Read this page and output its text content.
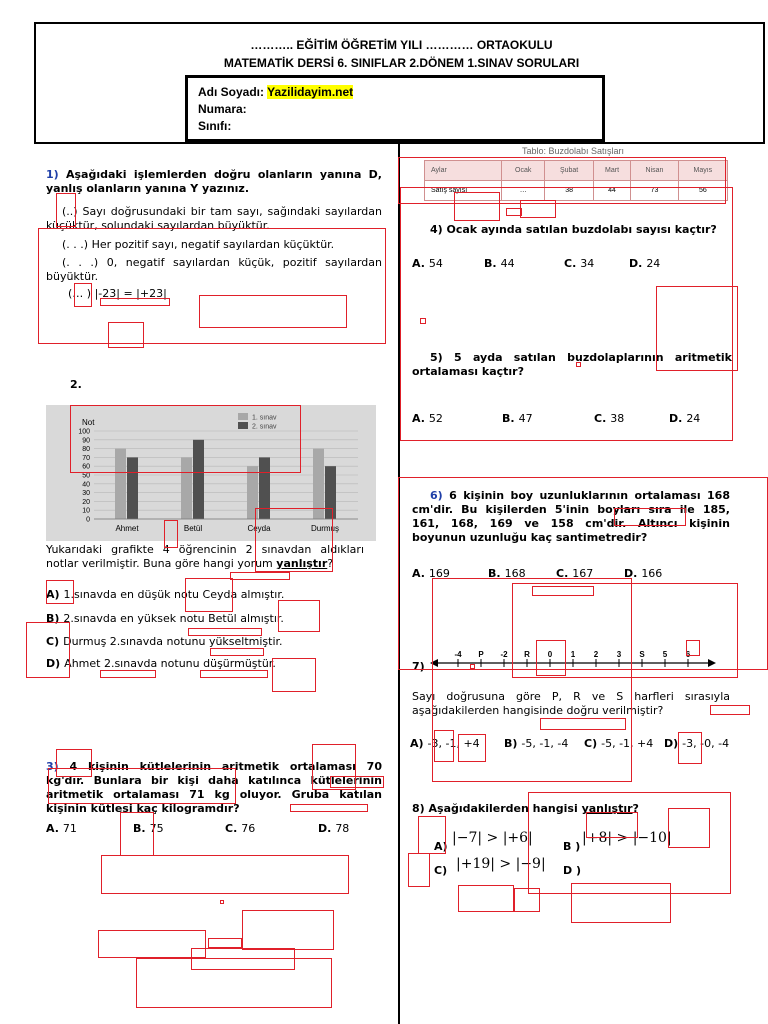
……….. EĞİTİM ÖĞRETİM YILI ………… ORTAOKULU
MATEMATİK DERSİ 6. SINIFLAR 2.DÖNEM 1.SINAV SORULARI
Adı Soyadı: Yazilidayim.net
Numara:
Sınıfı:
1) Aşağıdaki işlemlerden doğru olanların yanına D, yanlış olanların yanına Y yazınız.
(..) Sayı doğrusundaki bir tam sayı, sağındaki sayılardan küçüktür, solundaki sayılardan büyüktür.
(. . .) Her pozitif sayı, negatif sayılardan küçüktür.
(. . .) 0, negatif sayılardan küçük, pozitif sayılardan büyüktür.
(… ) |-23| = |+23|
2.
Not
0
10
20
30
40
50
60
70
80
90
100
Ahmet	Betül	Ceyda	Durmuş
1. sınav
2. sınav
Yukarıdaki grafikte 4 öğrencinin 2 sınavdan aldıkları notlar verilmiştir. Buna göre hangi yorum yanlıştır?
A) 1.sınavda en düşük notu Ceyda almıştır.
B) 2.sınavda en yüksek notu Betül almıştır.
C) Durmuş 2.sınavda notunu yükseltmiştir.
D) Ahmet 2.sınavda notunu düşürmüştür.
3) 4 kişinin kütlelerinin aritmetik ortalaması 70 kg'dır. Bunlara bir kişi daha katılınca kütlelerinin aritmetik ortalaması 71 kg oluyor. Gruba katılan kişinin kütlesi kaç kilogramdır?
A. 71	B. 75	C. 76	D. 78
Tablo: Buzdolabı Satışları
Aylar	Ocak	Şubat	Mart	Nisan	Mayıs
Satış sayısı	…	38	44	73	56
4) Ocak ayında satılan buzdolabı sayısı kaçtır?
A. 54	B. 44	C. 34	D. 24
5) 5 ayda satılan buzdolaplarının aritmetik ortalaması kaçtır?
A. 52	B. 47	C. 38	D. 24
6) 6 kişinin boy uzunluklarının ortalaması 168 cm'dir. Bu kişilerden 5'inin boyları sıra ile 185, 161, 168, 169 ve 158 cm'dir. Altıncı kişinin boyunun uzunluğu kaç santimetredir?
A. 169	B. 168	C. 167	D. 166
7)
-4 P -2 R 0 1 2 3 S 5 6
Sayı doğrusuna göre P, R ve S harfleri sırasıyla aşağıdakilerden hangisinde doğru verilmiştir?
A) -3, -1, +4 B) -5, -1, -4 C) -5, -1, +4 D) -3, -0, -4
8) Aşağıdakilerden hangisi yanlıştır?
A)
|−7| > |+6|
B )
|+8| > |−10|
C) |+19| > |−9| D )
